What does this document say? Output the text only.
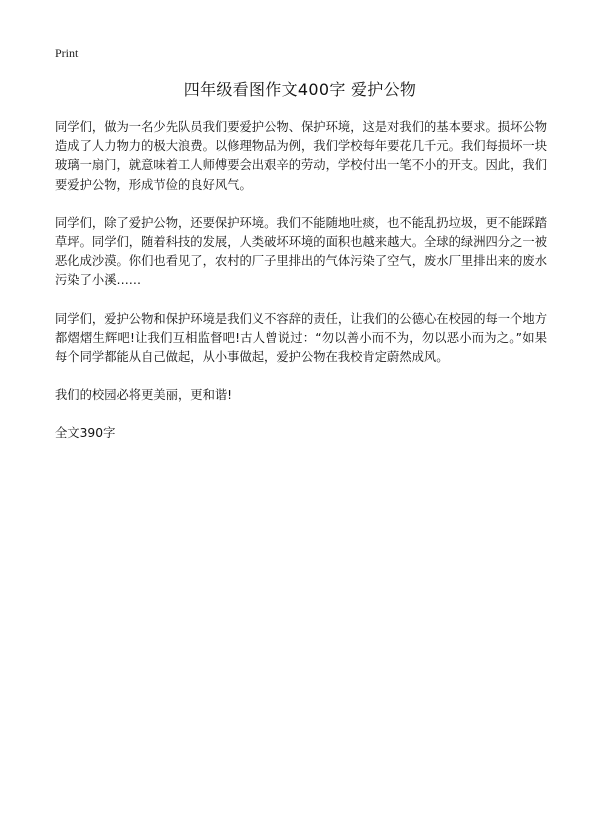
Print
四年级看图作文400字 爱护公物

同学们，做为一名少先队员我们要爱护公物、保护环境，这是对我们的基本要求。损坏公物造成了人力物力的极大浪费。以修理物品为例，我们学校每年要花几千元。我们每损坏一块玻璃一扇门，就意味着工人师傅要会出艰辛的劳动，学校付出一笔不小的开支。因此，我们要爱护公物，形成节俭的良好风气。

同学们，除了爱护公物，还要保护环境。我们不能随地吐痰，也不能乱扔垃圾，更不能踩踏草坪。同学们，随着科技的发展，人类破坏环境的面积也越来越大。全球的绿洲四分之一被恶化成沙漠。你们也看见了，农村的厂子里排出的气体污染了空气，废水厂里排出来的废水污染了小溪……

同学们，爱护公物和保护环境是我们义不容辞的责任，让我们的公德心在校园的每一个地方都熠熠生辉吧!让我们互相监督吧!古人曾说过：“勿以善小而不为，勿以恶小而为之。”如果每个同学都能从自己做起，从小事做起，爱护公物在我校肯定蔚然成风。

我们的校园必将更美丽，更和谐!

全文390字
